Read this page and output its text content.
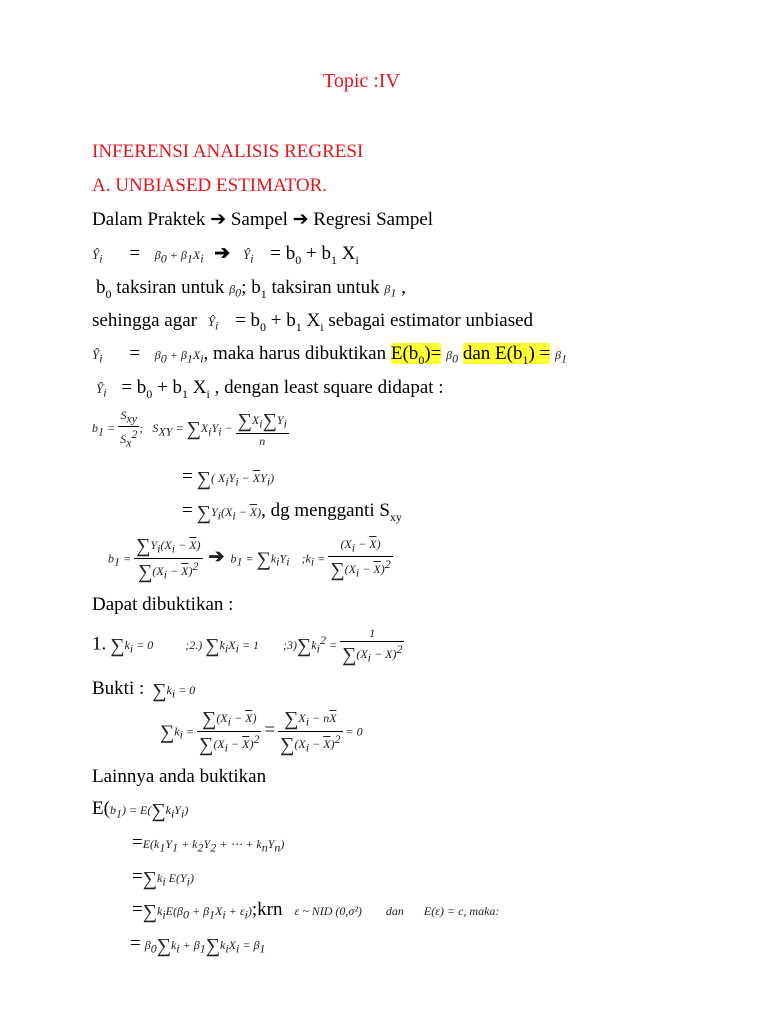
Topic :IV
INFERENSI ANALISIS REGRESI
A. UNBIASED ESTIMATOR.
Dalam Praktek ➔ Sampel ➔ Regresi Sampel
$Ŷ_i = \beta_0 + \beta_1X_i$ ➔ $Ŷ_i = b_0 + b_1$ $X_i$
$b_0$ taksiran untuk $\beta_0$; $b_1$ taksiran untuk $\beta_1$ ,
sehingga agar $Ŷ_i = b_0 + b_1$ $X_i$ sebagai estimator unbiased
$Ŷ_i = \beta_0 + \beta_1X_i$, maka harus dibuktikan $E(b_0)= \beta_0$ dan $E(b_1) = \beta_1$
$Ŷ_i = b_0 + b_1$ $X_i$ , dengan least square didapat :
$b_1 = \frac{S_{xy}}{S_x^2}$ ;   $S_{XY} = \sum X_iY_i - \frac{\sum X_i\sum Y_i}{n}$
= ∑( $X_iY_i - \overline{X}Y_i$)
= $\sum Y_i(X_i - \overline{X})$, dg mengganti $S_{xy}$
$b_1 = \frac{\sum Y_i(X_i - \overline{X})}{\sum(X_i - \overline{X})^2}$ ➔  $b_1 = \sum k_iY_i$    $;k_i = \frac{(X_i - \overline{X})}{\sum(X_i - \overline{X})^2}$
Dapat dibuktikan :
1. $\sum k_i = 0$	;2.) $\sum k_iX_i = 1$ $;3)\sum k_i^2 = \frac{1}{\sum(X_i - X)^2}$
Bukti : $\sum k_i = 0$
$\sum k_i = \frac{\sum(X_i - \overline{X})}{\sum(X_i - \overline{X})^2} = \frac{\sum X_i - n\overline{X}}{\sum(X_i - \overline{X})^2} = 0$
Lainnya anda buktikan
$E(b_1) = E(\sum k_iY_i)$
$=E(k_1Y_1 + k_2Y_2$ + ⋯ + $k_nY_n$)
$=\sum k_i$ $E(Y_i)$
$=\sum k_iE(\beta_0 + \beta_1X_i$ + $\varepsilon_i);krn$ ε ~ NID (0,σ²) dan E(ε) = c, maka:
= $\beta_0\sum k_i + \beta_1\sum k_iX_i = \beta_1$
